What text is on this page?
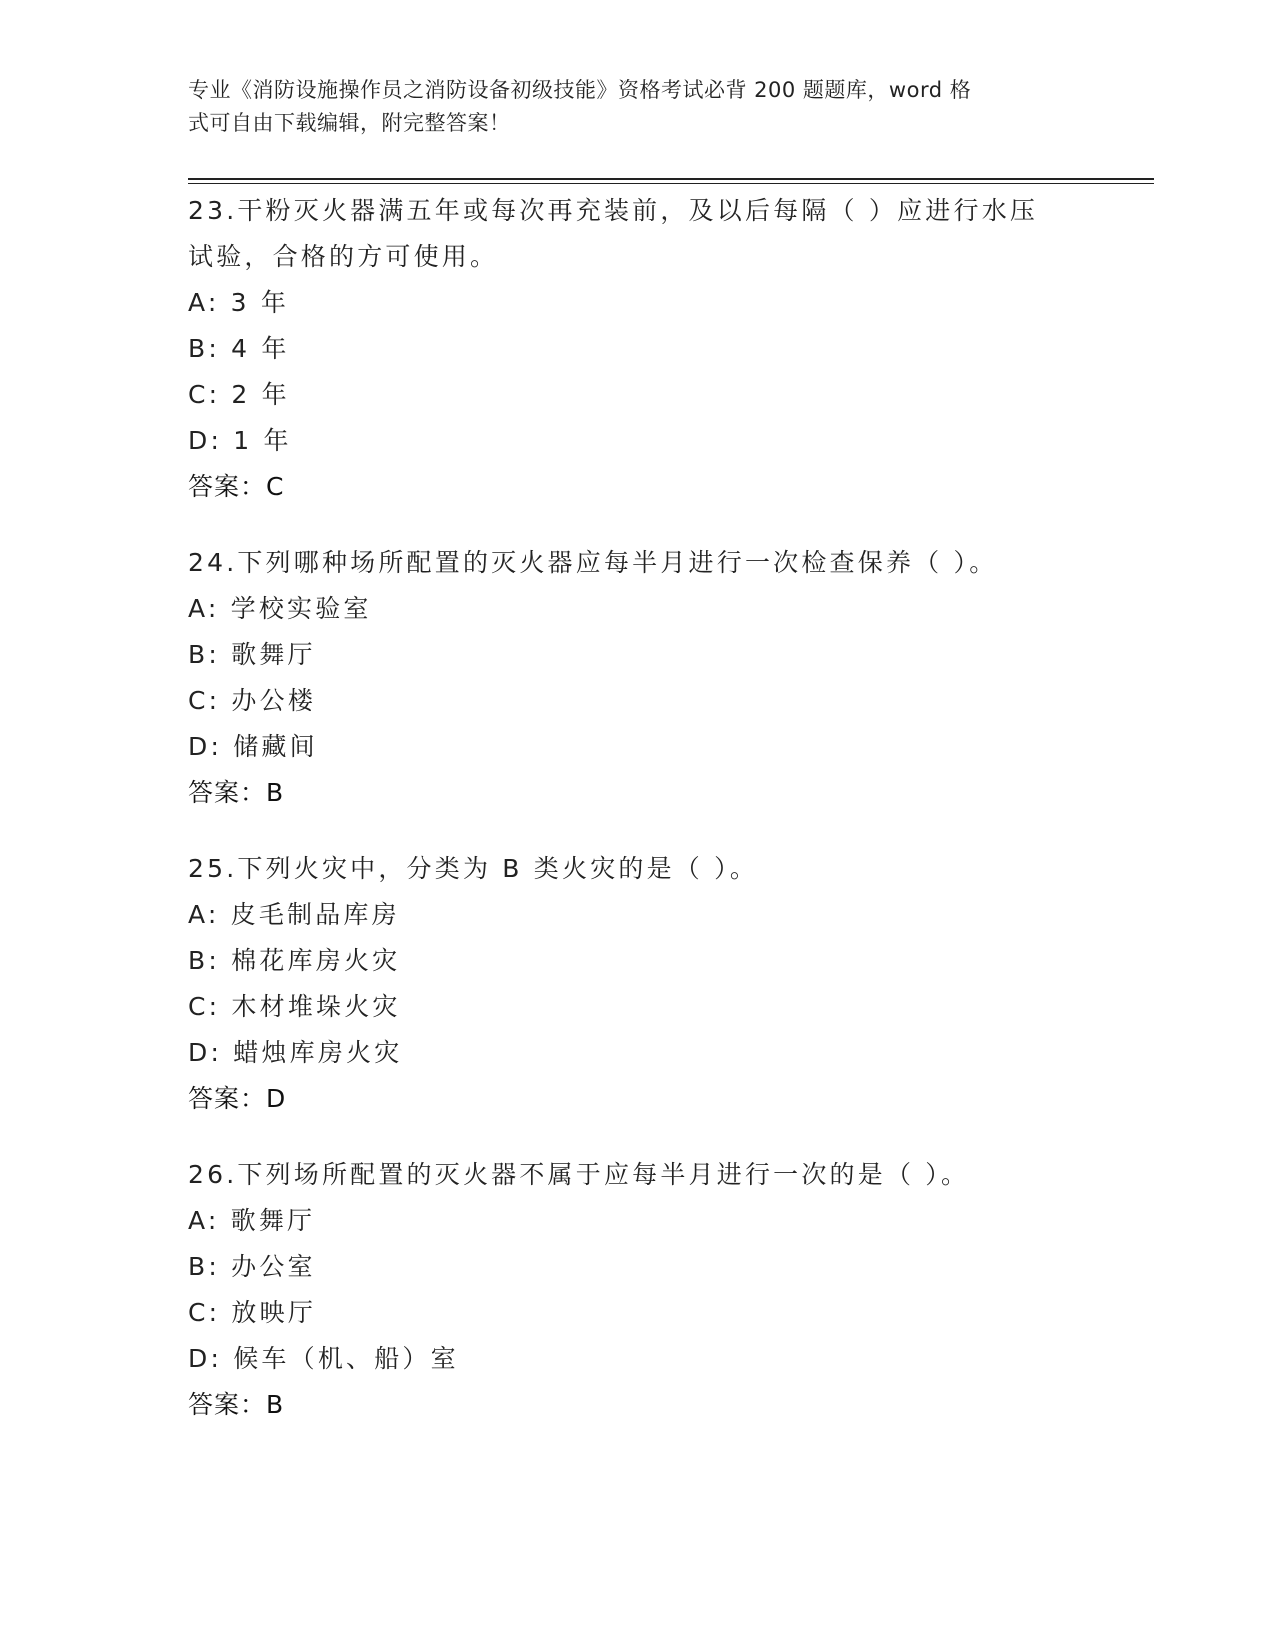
专业《消防设施操作员之消防设备初级技能》资格考试必背 200 题题库，word 格
式可自由下载编辑，附完整答案！
23.干粉灭火器满五年或每次再充装前，及以后每隔（ ）应进行水压
试验，合格的方可使用。
A: 3 年
B: 4 年
C: 2 年
D: 1 年
答案：C
24.下列哪种场所配置的灭火器应每半月进行一次检查保养（ ）。
A: 学校实验室
B: 歌舞厅
C: 办公楼
D: 储藏间
答案：B
25.下列火灾中，分类为 B 类火灾的是（ ）。
A: 皮毛制品库房
B: 棉花库房火灾
C: 木材堆垛火灾
D: 蜡烛库房火灾
答案：D
26.下列场所配置的灭火器不属于应每半月进行一次的是（ ）。
A: 歌舞厅
B: 办公室
C: 放映厅
D: 候车（机、船）室
答案：B
